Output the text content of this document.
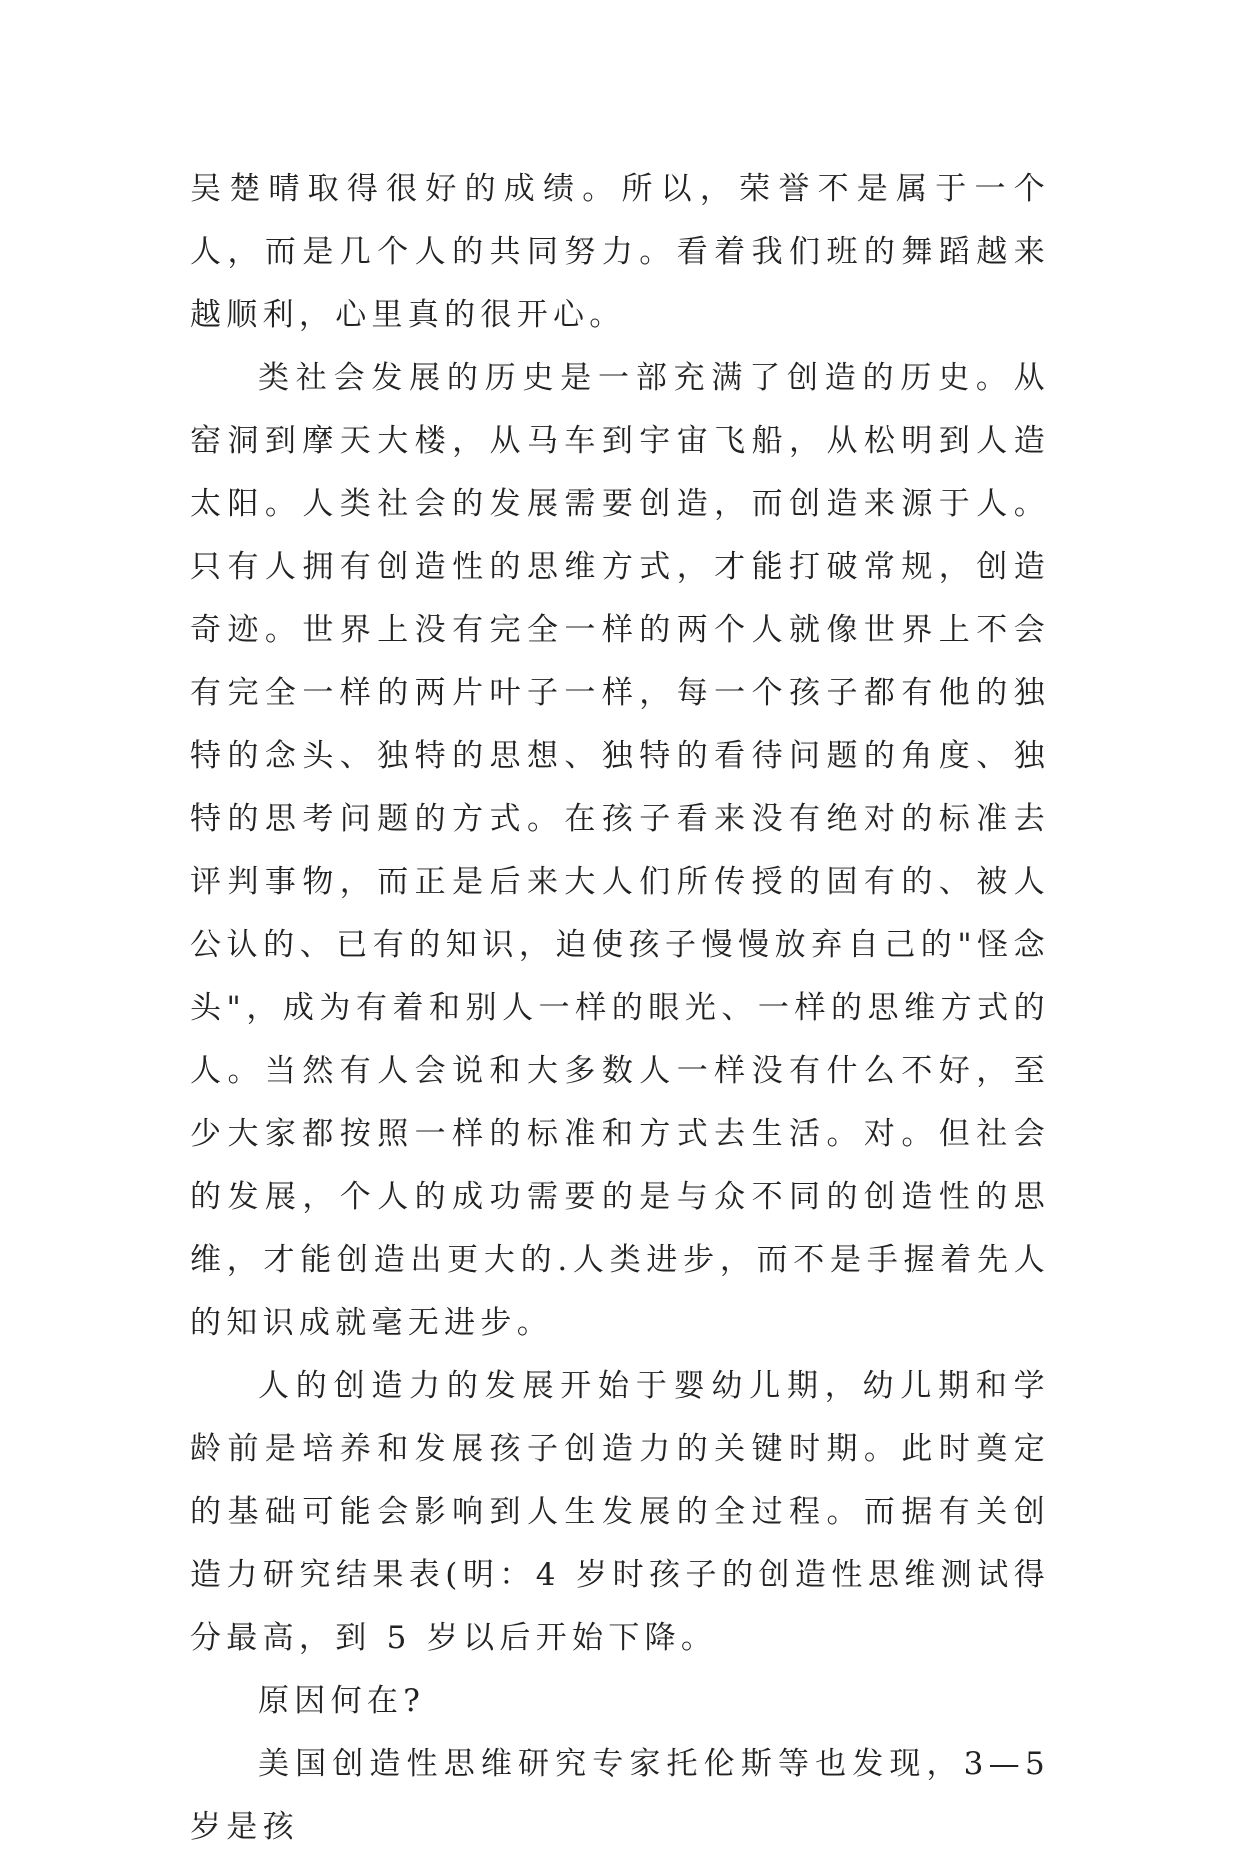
吴楚晴取得很好的成绩。所以，荣誉不是属于一个人，而是几个人的共同努力。看着我们班的舞蹈越来越顺利，心里真的很开心。

类社会发展的历史是一部充满了创造的历史。从窑洞到摩天大楼，从马车到宇宙飞船，从松明到人造太阳。人类社会的发展需要创造，而创造来源于人。只有人拥有创造性的思维方式，才能打破常规，创造奇迹。世界上没有完全一样的两个人就像世界上不会有完全一样的两片叶子一样，每一个孩子都有他的独特的念头、独特的思想、独特的看待问题的角度、独特的思考问题的方式。在孩子看来没有绝对的标准去评判事物，而正是后来大人们所传授的固有的、被人公认的、已有的知识，迫使孩子慢慢放弃自己的"怪念头"，成为有着和别人一样的眼光、一样的思维方式的人。当然有人会说和大多数人一样没有什么不好，至少大家都按照一样的标准和方式去生活。对。但社会的发展，个人的成功需要的是与众不同的创造性的思维，才能创造出更大的.人类进步，而不是手握着先人的知识成就毫无进步。

人的创造力的发展开始于婴幼儿期，幼儿期和学龄前是培养和发展孩子创造力的关键时期。此时奠定的基础可能会影响到人生发展的全过程。而据有关创造力研究结果表(明：4 岁时孩子的创造性思维测试得分最高，到 5 岁以后开始下降。

原因何在?

美国创造性思维研究专家托伦斯等也发现，3—5 岁是孩
